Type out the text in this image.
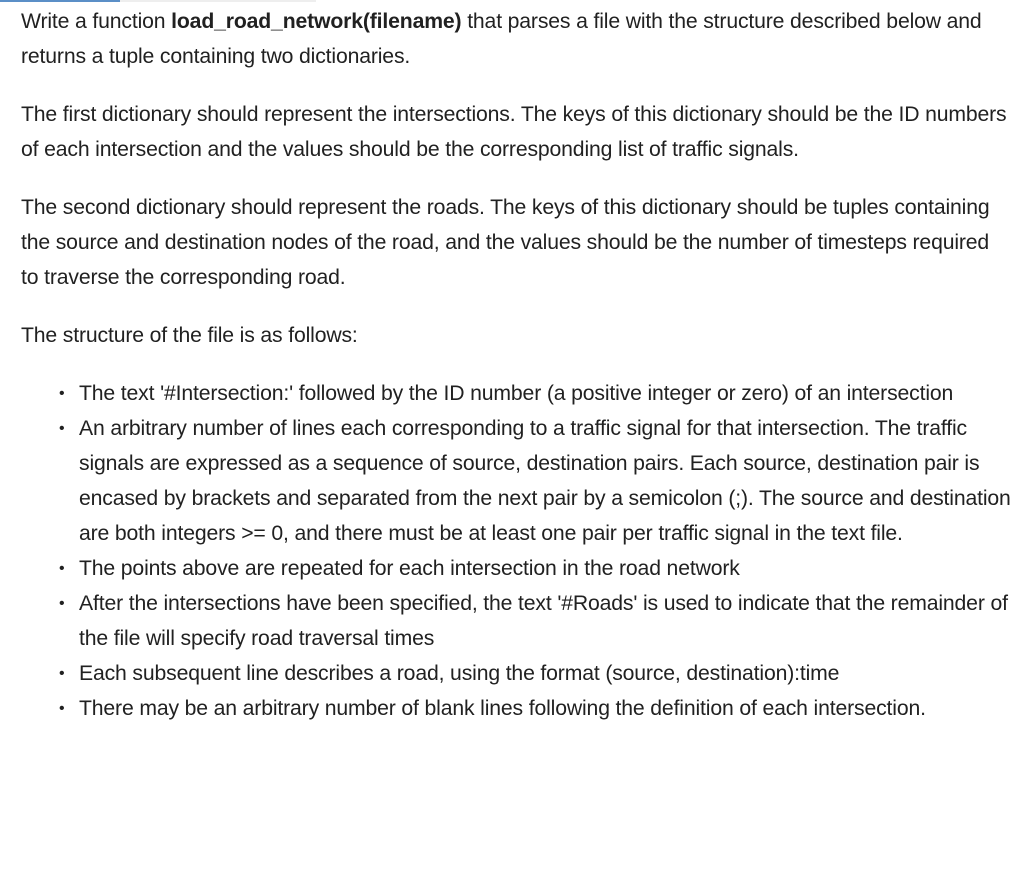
Write a function load_road_network(filename) that parses a file with the structure described below and returns a tuple containing two dictionaries.

The first dictionary should represent the intersections. The keys of this dictionary should be the ID numbers of each intersection and the values should be the corresponding list of traffic signals.

The second dictionary should represent the roads. The keys of this dictionary should be tuples containing the source and destination nodes of the road, and the values should be the number of timesteps required to traverse the corresponding road.

The structure of the file is as follows:

• The text '#Intersection:' followed by the ID number (a positive integer or zero) of an intersection
• An arbitrary number of lines each corresponding to a traffic signal for that intersection. The traffic signals are expressed as a sequence of source, destination pairs. Each source, destination pair is encased by brackets and separated from the next pair by a semicolon (;). The source and destination are both integers >= 0, and there must be at least one pair per traffic signal in the text file.
• The points above are repeated for each intersection in the road network
• After the intersections have been specified, the text '#Roads' is used to indicate that the remainder of the file will specify road traversal times
• Each subsequent line describes a road, using the format (source, destination):time
• There may be an arbitrary number of blank lines following the definition of each intersection.
